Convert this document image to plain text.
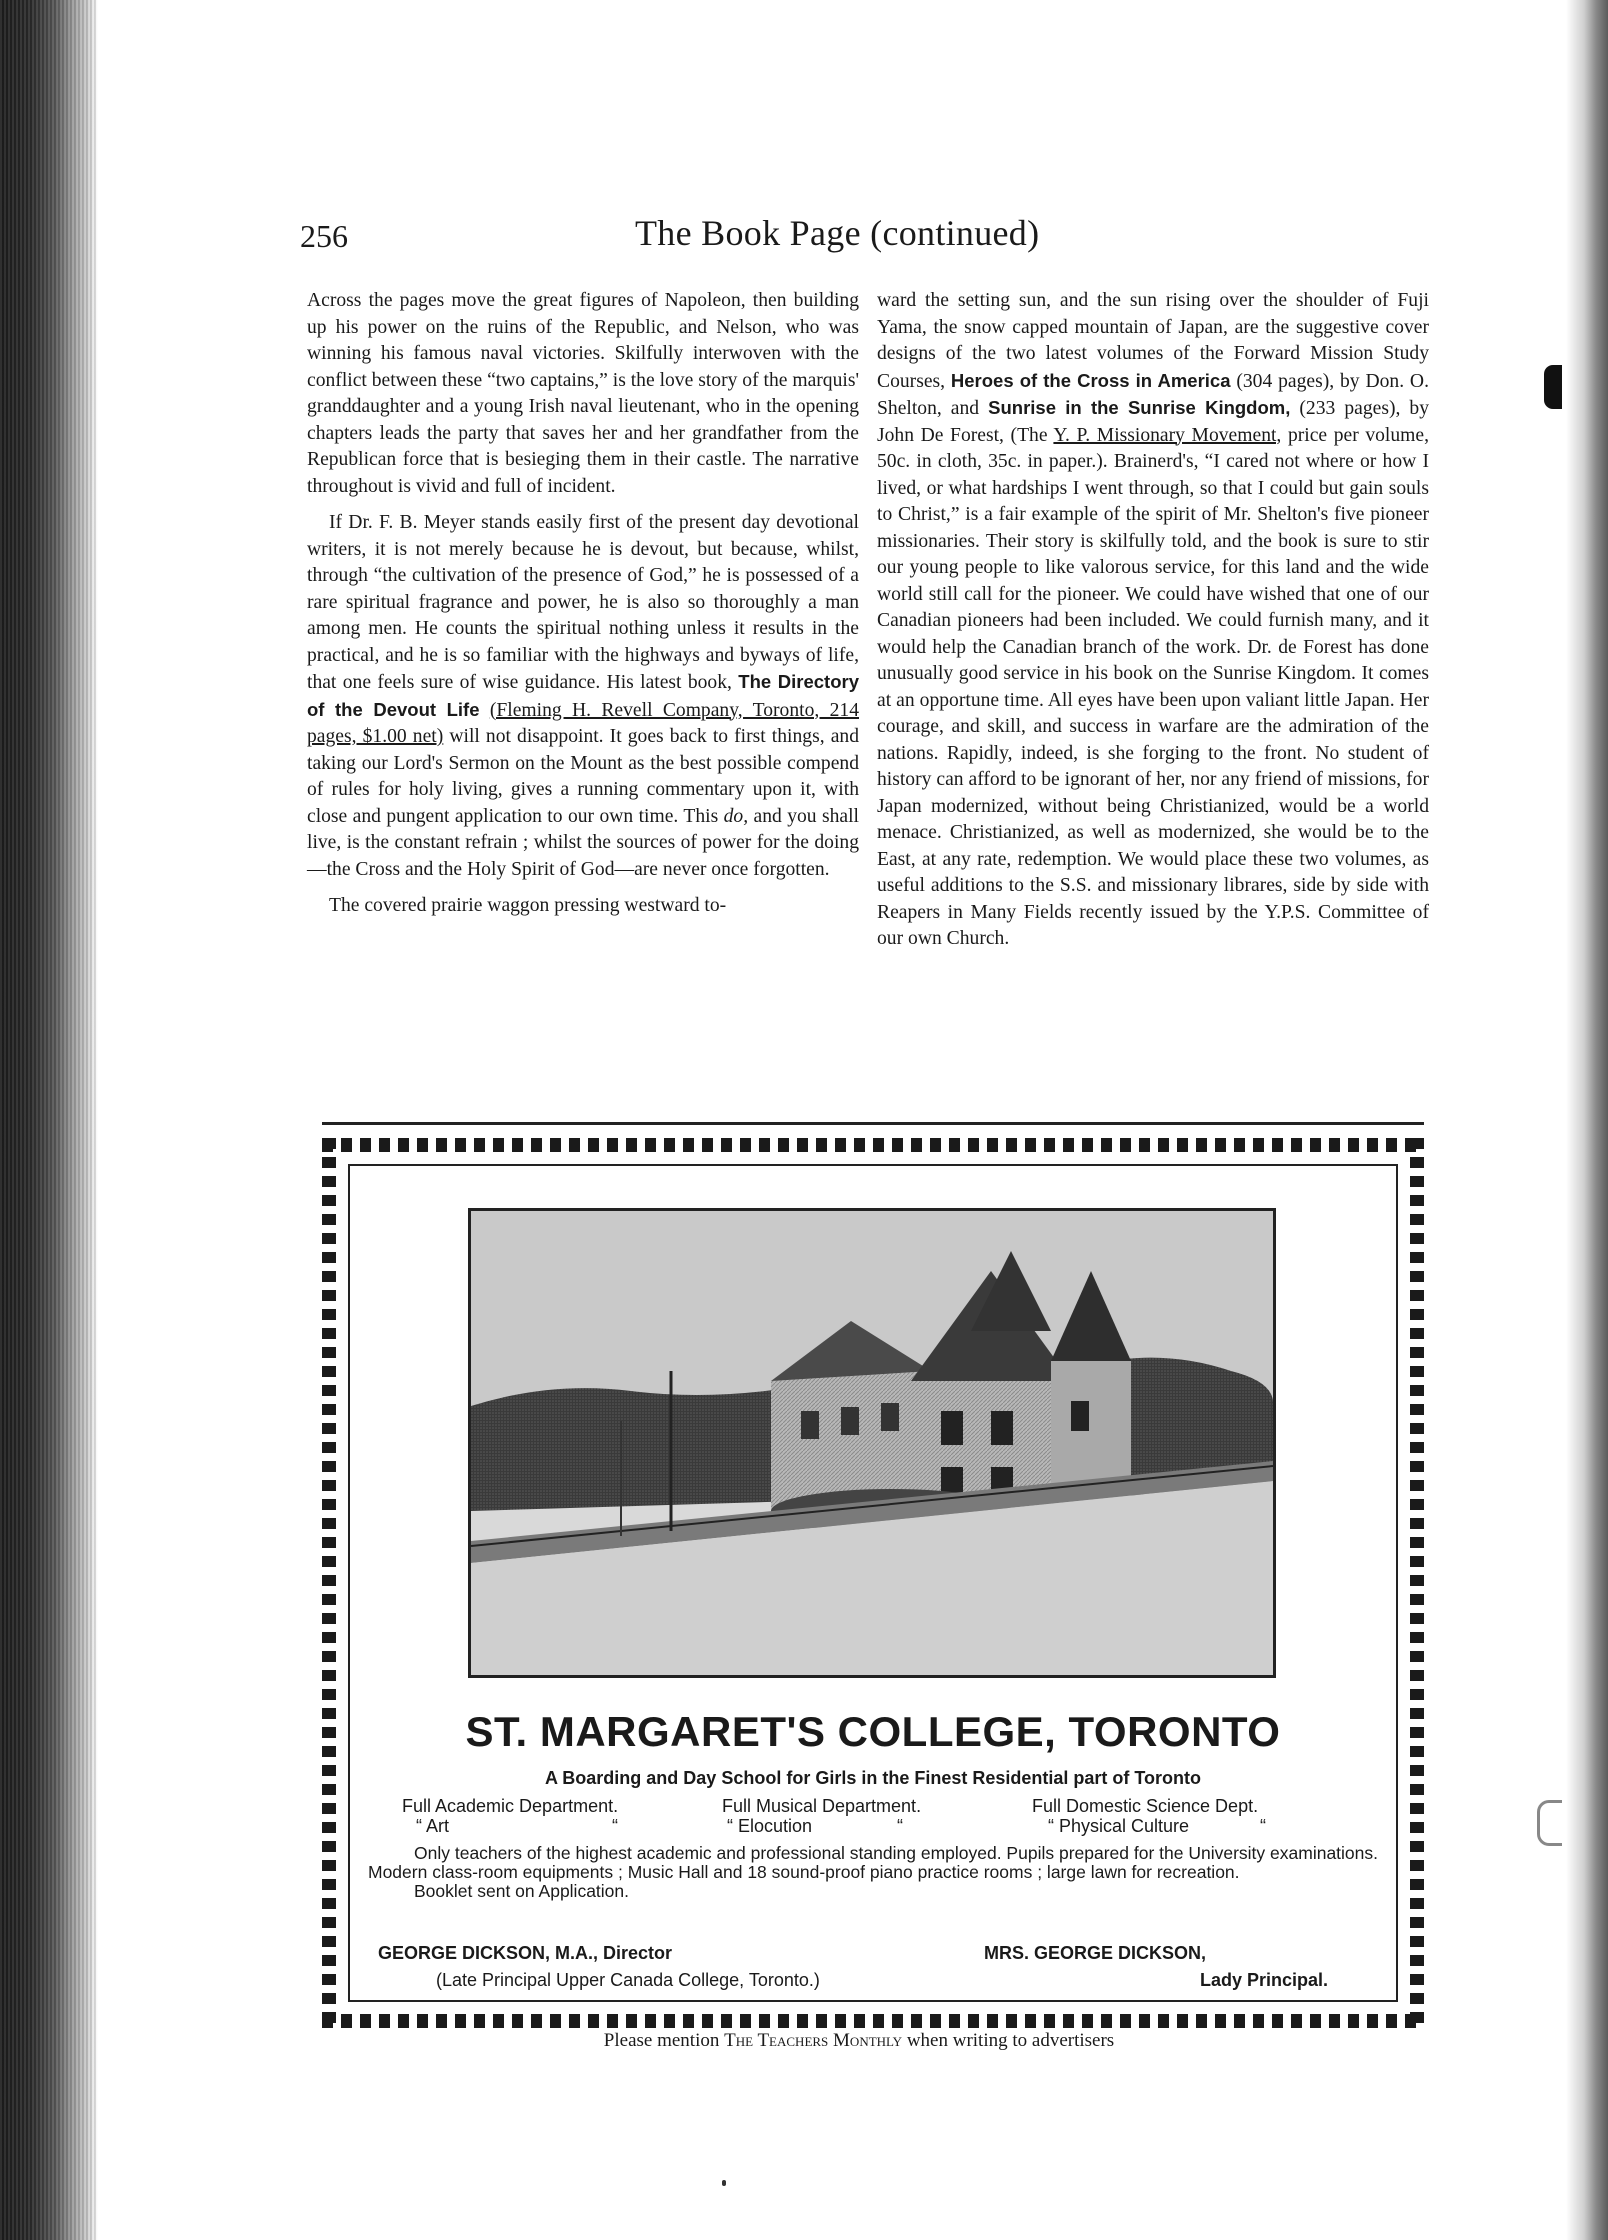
256	The Book Page (continued)

Across the pages move the great figures of Napoleon, then building up his power on the ruins of the Republic, and Nelson, who was winning his famous naval victories. Skilfully interwoven with the conflict between these “two captains,” is the love story of the marquis' granddaughter and a young Irish naval lieutenant, who in the opening chapters leads the party that saves her and her grandfather from the Republican force that is besieging them in their castle. The narrative throughout is vivid and full of incident.

If Dr. F. B. Meyer stands easily first of the present day devotional writers, it is not merely because he is devout, but because, whilst, through “the cultivation of the presence of God,” he is possessed of a rare spiritual fragrance and power, he is also so thoroughly a man among men. He counts the spiritual nothing unless it results in the practical, and he is so familiar with the highways and byways of life, that one feels sure of wise guidance. His latest book, The Directory of the Devout Life (Fleming H. Revell Company, Toronto, 214 pages, $1.00 net) will not disappoint. It goes back to first things, and taking our Lord's Sermon on the Mount as the best possible compend of rules for holy living, gives a running commentary upon it, with close and pungent application to our own time. This do, and you shall live, is the constant refrain ; whilst the sources of power for the doing—the Cross and the Holy Spirit of God—are never once forgotten.

The covered prairie waggon pressing westward to-

ward the setting sun, and the sun rising over the shoulder of Fuji Yama, the snow capped mountain of Japan, are the suggestive cover designs of the two latest volumes of the Forward Mission Study Courses, Heroes of the Cross in America (304 pages), by Don. O. Shelton, and Sunrise in the Sunrise Kingdom, (233 pages), by John De Forest, (The Y. P. Missionary Movement, price per volume, 50c. in cloth, 35c. in paper.). Brainerd's, “I cared not where or how I lived, or what hardships I went through, so that I could but gain souls to Christ,” is a fair example of the spirit of Mr. Shelton's five pioneer missionaries. Their story is skilfully told, and the book is sure to stir our young people to like valorous service, for this land and the wide world still call for the pioneer. We could have wished that one of our Canadian pioneers had been included. We could furnish many, and it would help the Canadian branch of the work. Dr. de Forest has done unusually good service in his book on the Sunrise Kingdom. It comes at an opportune time. All eyes have been upon valiant little Japan. Her courage, and skill, and success in warfare are the admiration of the nations. Rapidly, indeed, is she forging to the front. No student of history can afford to be ignorant of her, nor any friend of missions, for Japan modernized, without being Christianized, would be a world menace. Christianized, as well as modernized, she would be to the East, at any rate, redemption. We would place these two volumes, as useful additions to the S.S. and missionary librares, side by side with Reapers in Many Fields recently issued by the Y.P.S. Committee of our own Church.

ST. MARGARET'S COLLEGE, TORONTO
A Boarding and Day School for Girls in the Finest Residential part of Toronto
Full Academic Department.	Full Musical Department.	Full Domestic Science Dept.
“ Art	“	“ Elocution	“	“ Physical Culture	“

Only teachers of the highest academic and professional standing employed. Pupils prepared for the University examinations. Modern class-room equipments ; Music Hall and 18 sound-proof piano practice rooms ; large lawn for recreation.

Booklet sent on Application.

GEORGE DICKSON, M.A., Director
(Late Principal Upper Canada College, Toronto.)
MRS. GEORGE DICKSON,
Lady Principal.
Please mention The Teachers Monthly when writing to advertisers
